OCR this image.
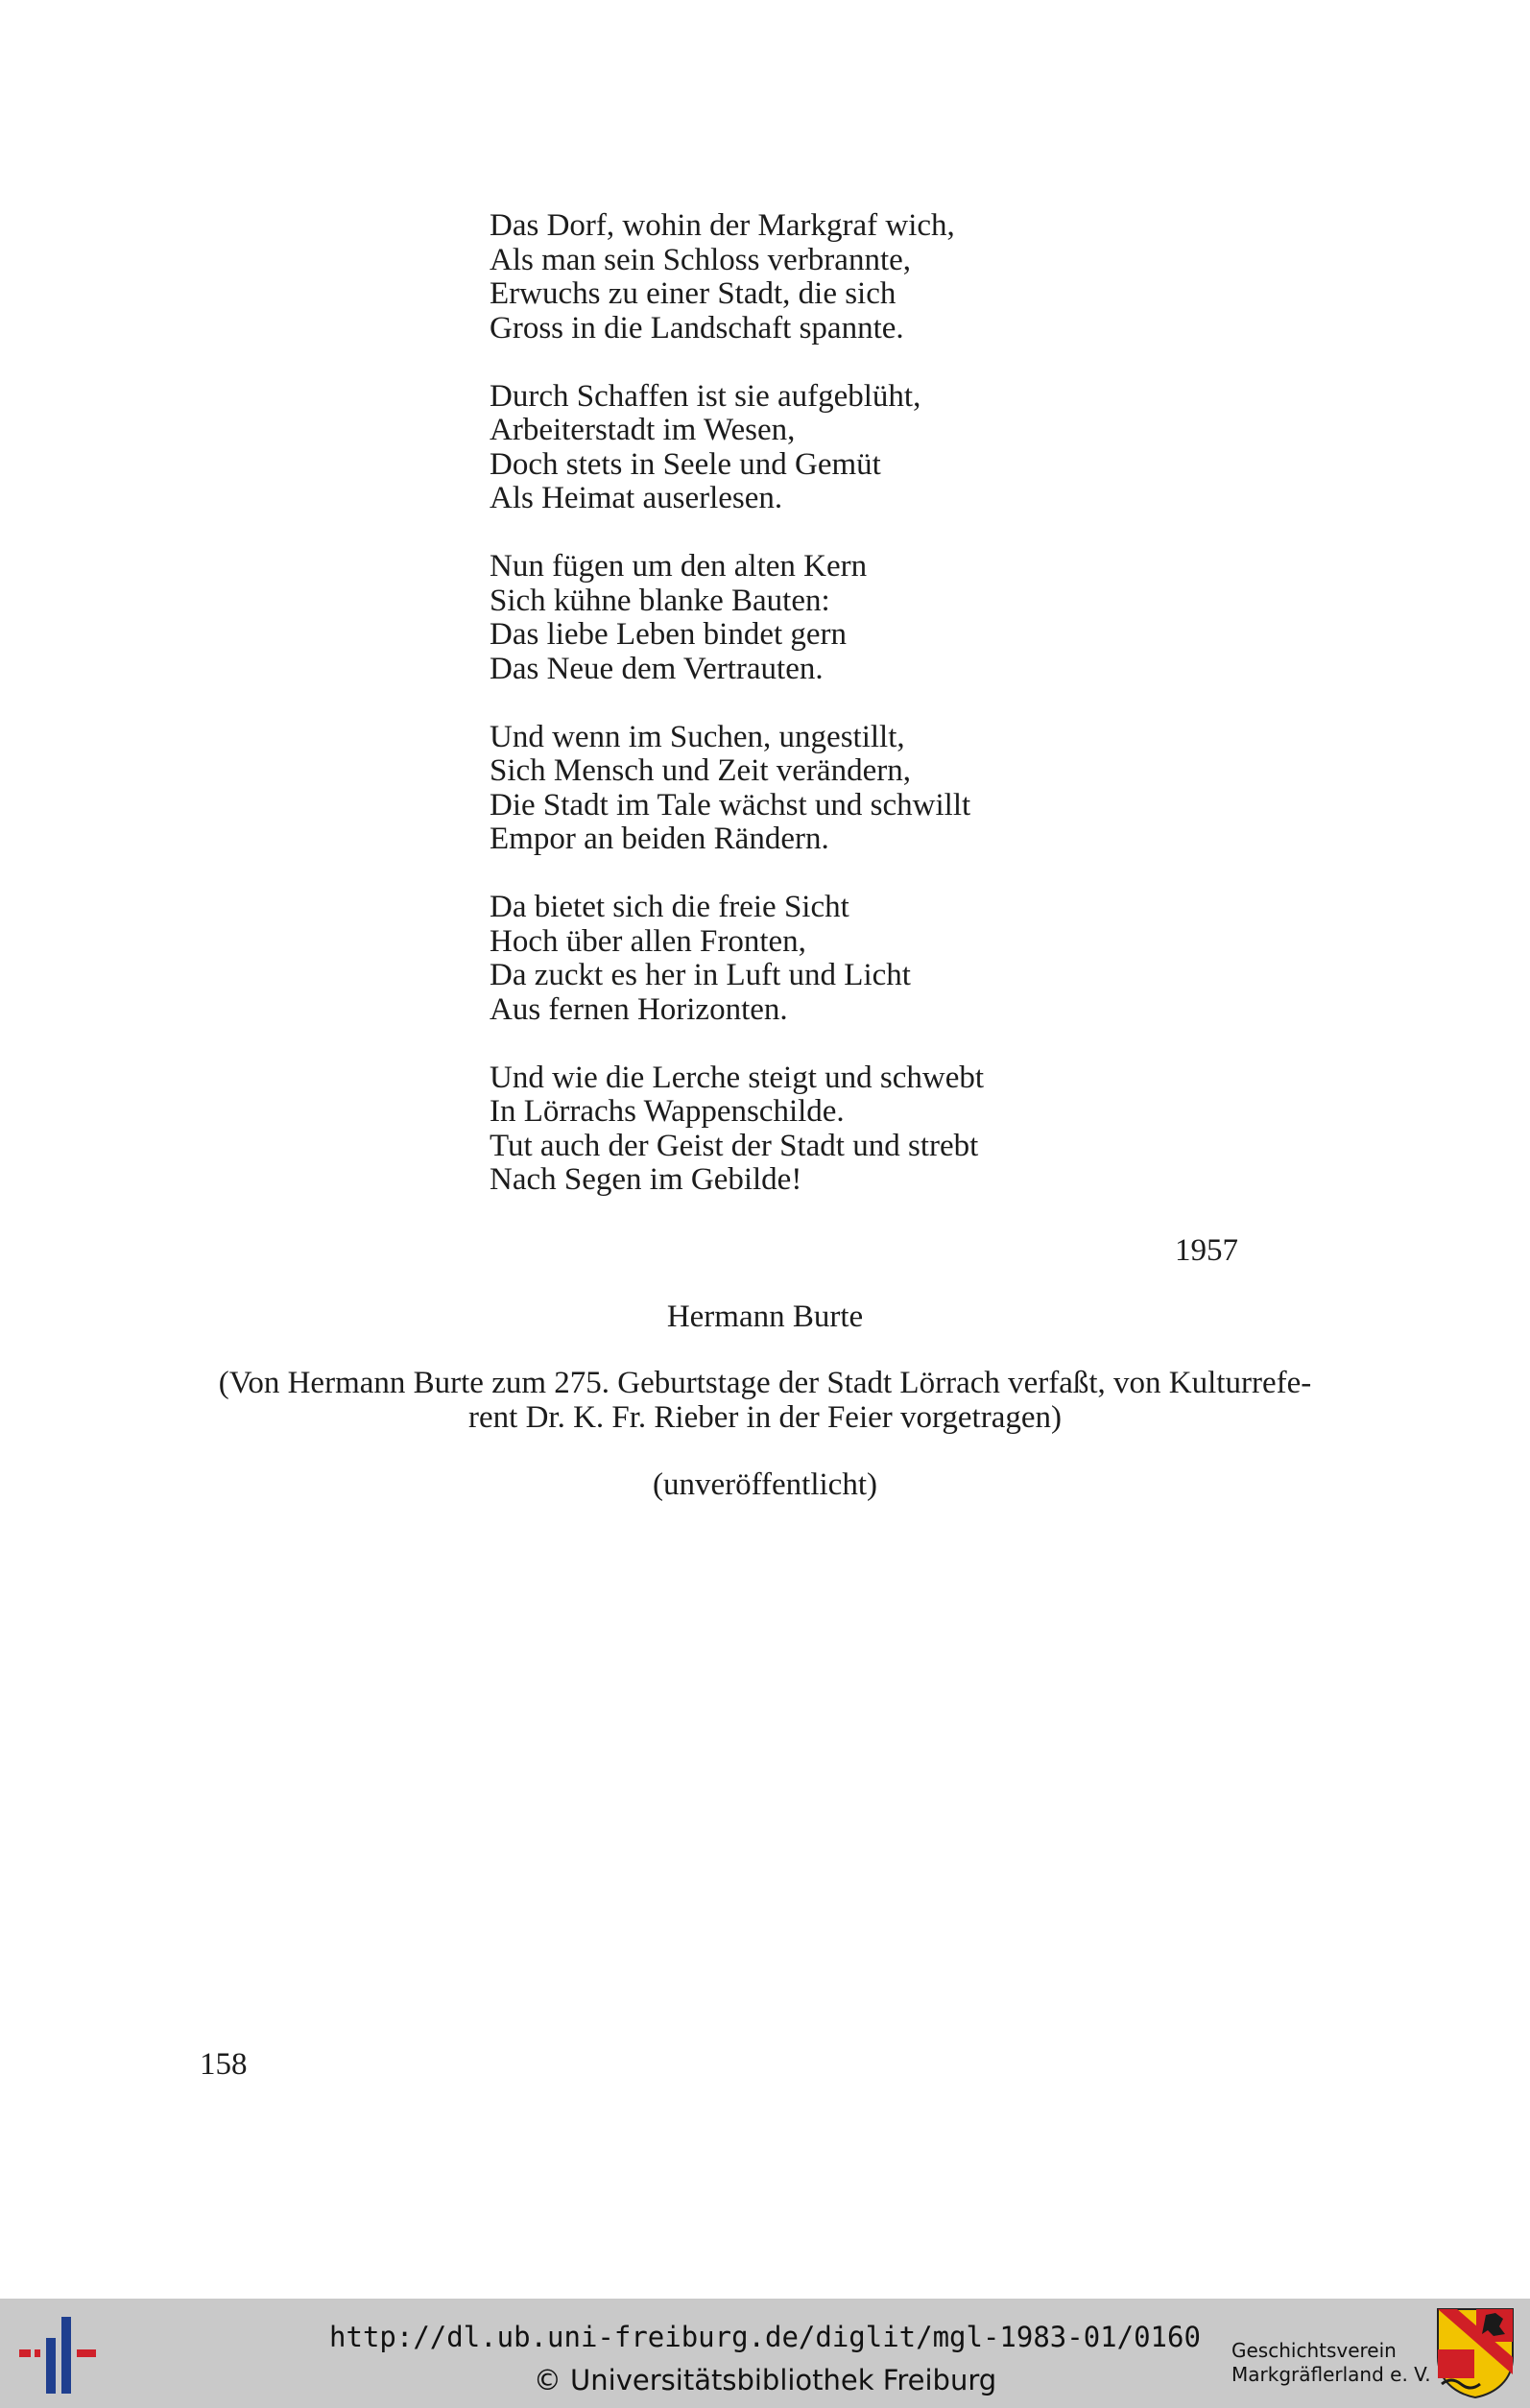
Das Dorf, wohin der Markgraf wich,
Als man sein Schloss verbrannte,
Erwuchs zu einer Stadt, die sich
Gross in die Landschaft spannte.
Durch Schaffen ist sie aufgeblüht,
Arbeiterstadt im Wesen,
Doch stets in Seele und Gemüt
Als Heimat auserlesen.
Nun fügen um den alten Kern
Sich kühne blanke Bauten:
Das liebe Leben bindet gern
Das Neue dem Vertrauten.
Und wenn im Suchen, ungestillt,
Sich Mensch und Zeit verändern,
Die Stadt im Tale wächst und schwillt
Empor an beiden Rändern.
Da bietet sich die freie Sicht
Hoch über allen Fronten,
Da zuckt es her in Luft und Licht
Aus fernen Horizonten.
Und wie die Lerche steigt und schwebt
In Lörrachs Wappenschilde.
Tut auch der Geist der Stadt und strebt
Nach Segen im Gebilde!
1957
Hermann Burte
(Von Hermann Burte zum 275. Geburtstage der Stadt Lörrach verfaßt, von Kulturrefe-
rent Dr. K. Fr. Rieber in der Feier vorgetragen)
(unveröffentlicht)
158
http://dl.ub.uni-freiburg.de/diglit/mgl-1983-01/0160
© Universitätsbibliothek Freiburg
Geschichtsverein
Markgräflerland e. V.
